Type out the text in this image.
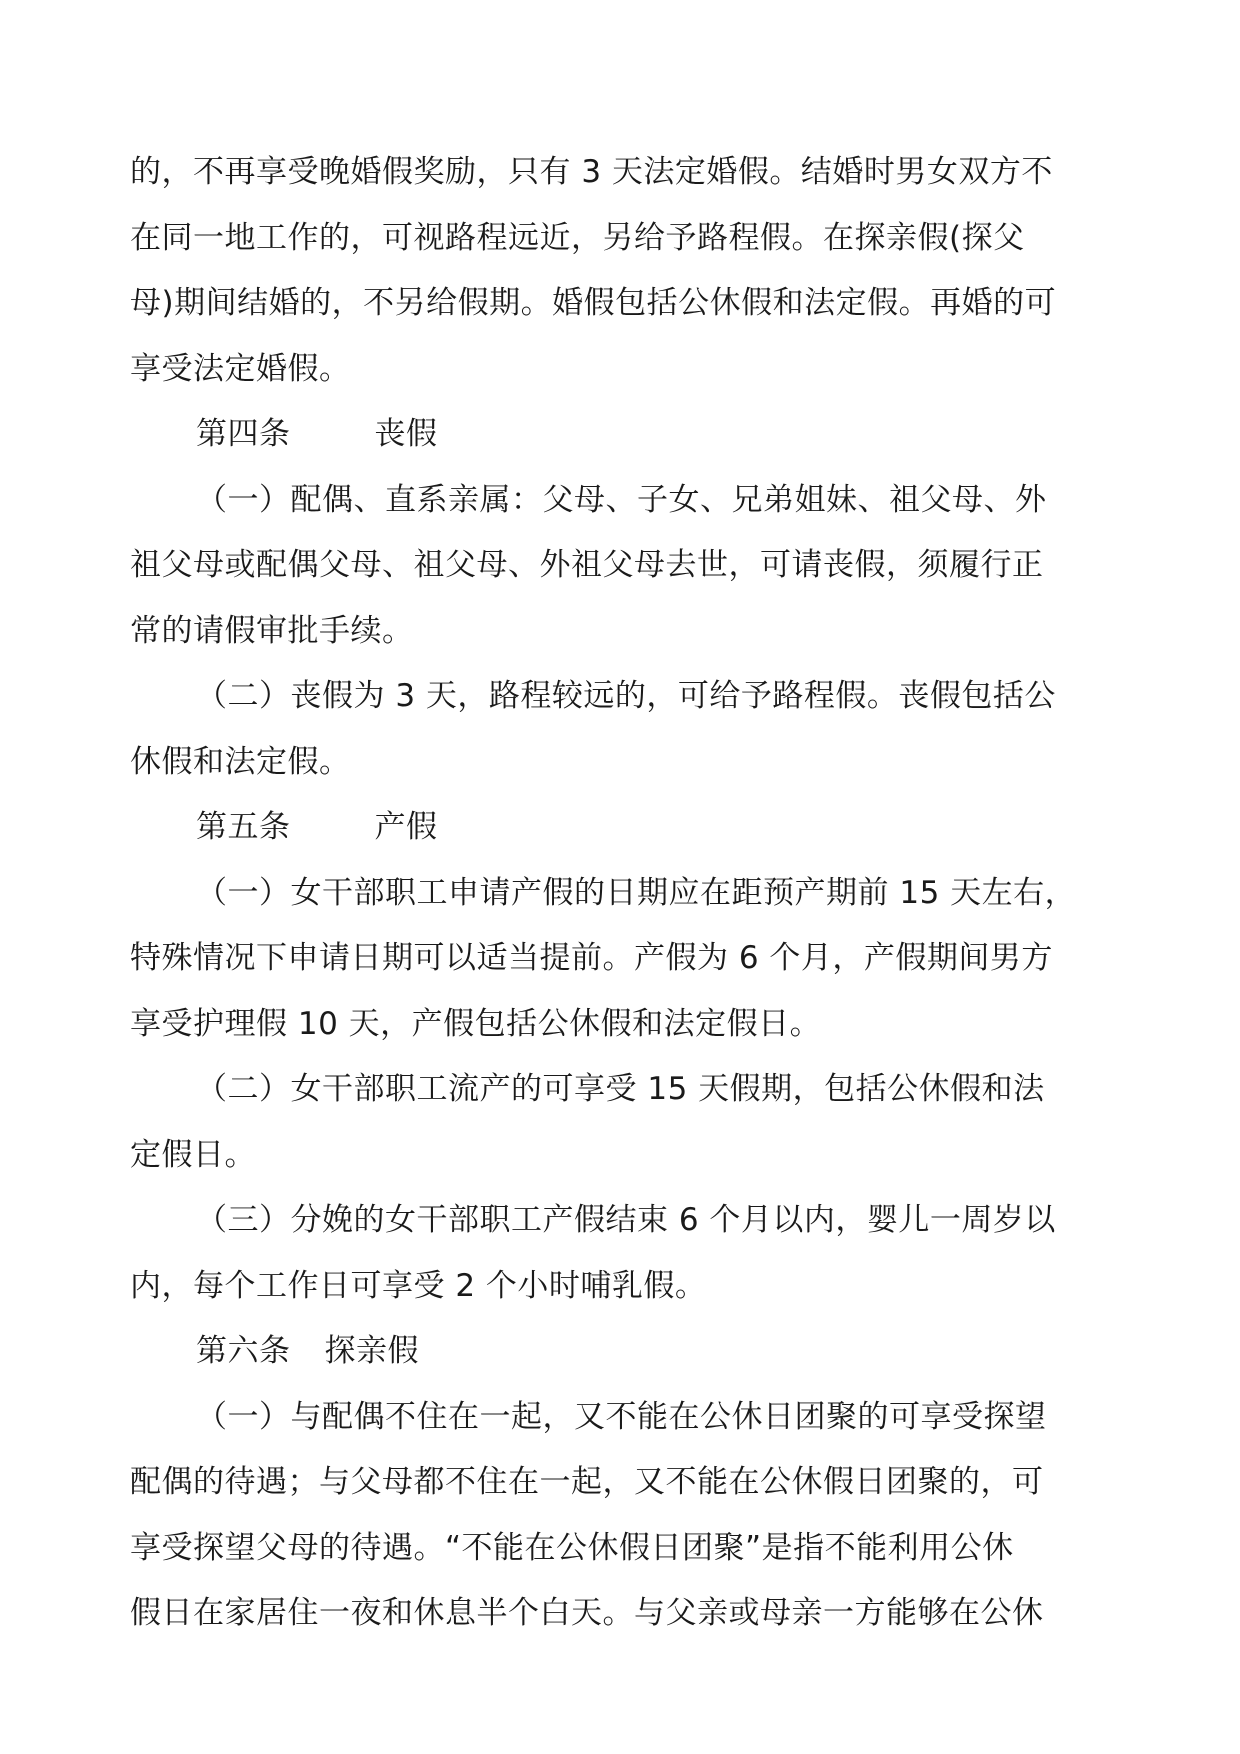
的，不再享受晚婚假奖励，只有 3 天法定婚假。结婚时男女双方不
在同一地工作的，可视路程远近，另给予路程假。在探亲假(探父
母)期间结婚的，不另给假期。婚假包括公休假和法定假。再婚的可
享受法定婚假。
第四条	丧假
（一）配偶、直系亲属：父母、子女、兄弟姐妹、祖父母、外
祖父母或配偶父母、祖父母、外祖父母去世，可请丧假，须履行正
常的请假审批手续。
（二）丧假为 3 天，路程较远的，可给予路程假。丧假包括公
休假和法定假。
第五条	产假
（一）女干部职工申请产假的日期应在距预产期前 15 天左右，
特殊情况下申请日期可以适当提前。产假为 6 个月，产假期间男方
享受护理假 10 天，产假包括公休假和法定假日。
（二）女干部职工流产的可享受 15 天假期，包括公休假和法
定假日。
（三）分娩的女干部职工产假结束 6 个月以内，婴儿一周岁以
内，每个工作日可享受 2 个小时哺乳假。
第六条 探亲假
（一）与配偶不住在一起，又不能在公休日团聚的可享受探望
配偶的待遇；与父母都不住在一起，又不能在公休假日团聚的，可
享受探望父母的待遇。“不能在公休假日团聚”是指不能利用公休
假日在家居住一夜和休息半个白天。与父亲或母亲一方能够在公休
